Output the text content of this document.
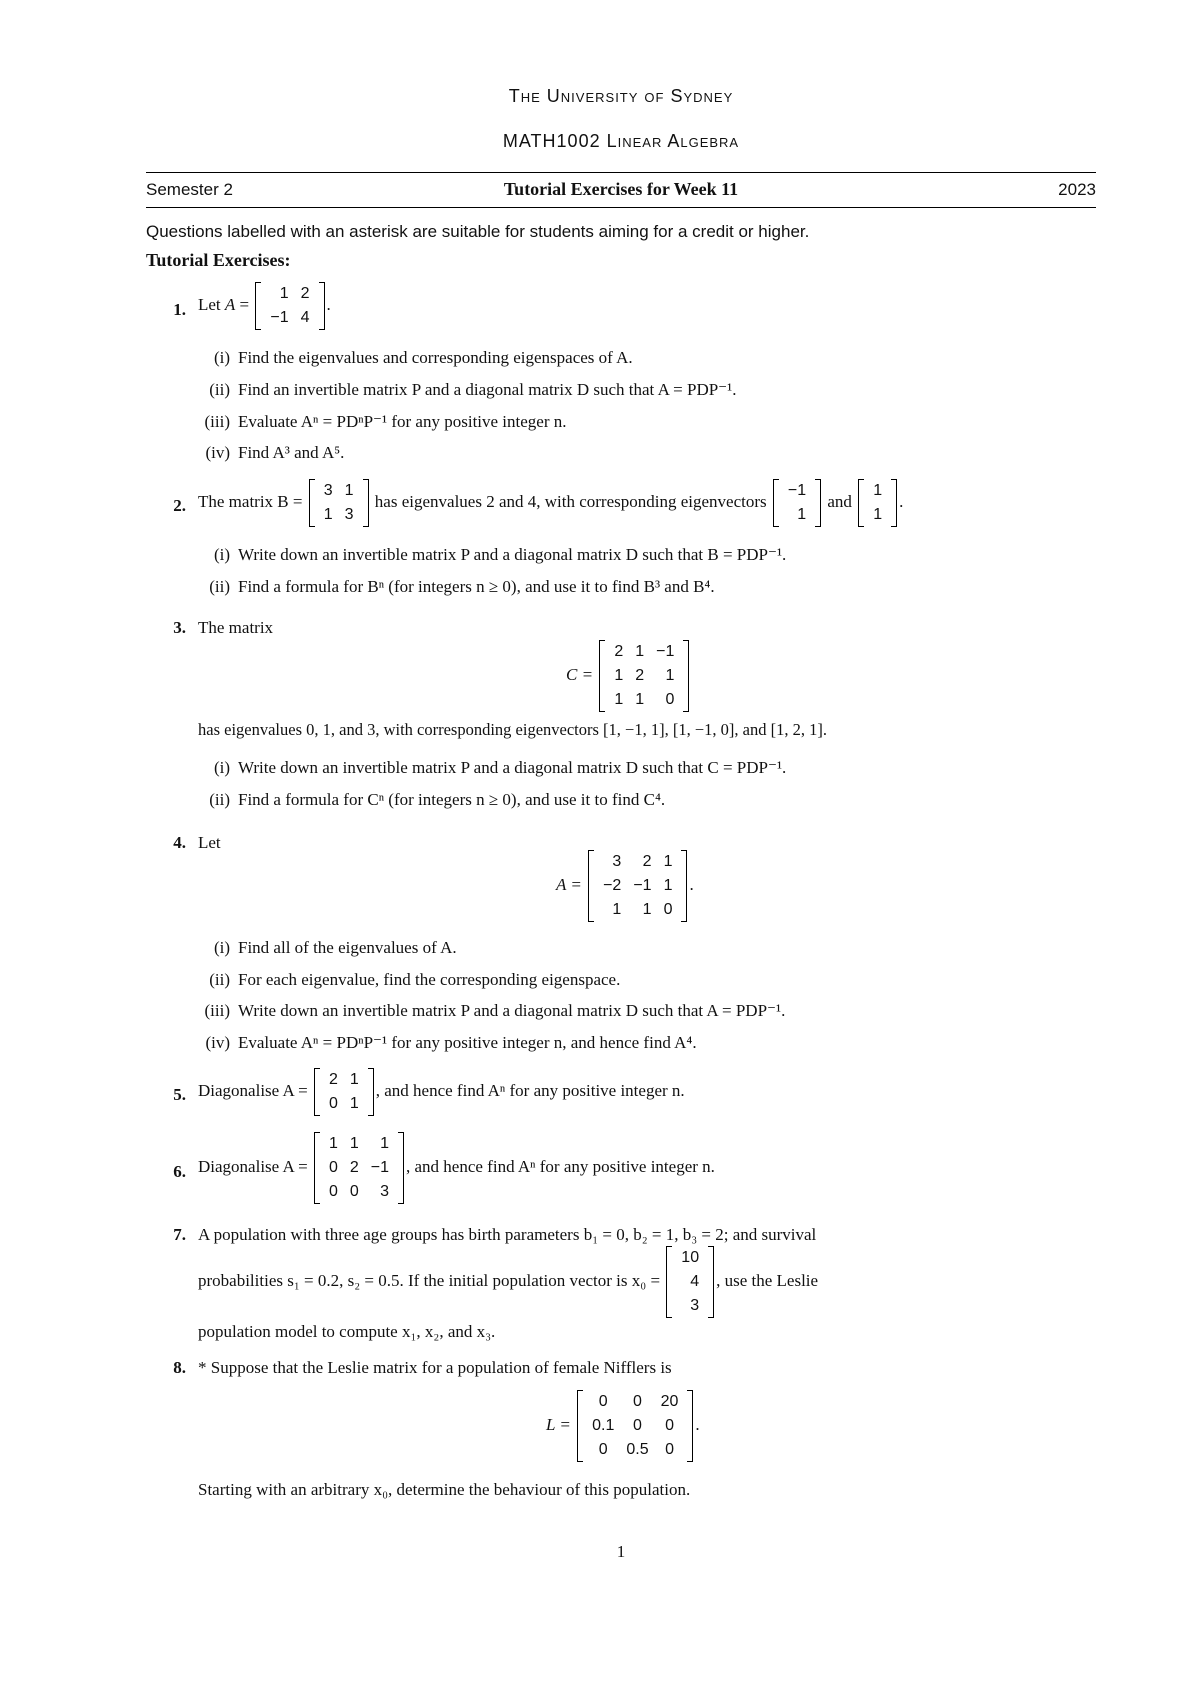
The University of Sydney
MATH1002 Linear Algebra
Semester 2	Tutorial Exercises for Week 11	2023
Questions labelled with an asterisk are suitable for students aiming for a credit or higher.
Tutorial Exercises:
1. Let A =
1	2
−1	4
.
(i) Find the eigenvalues and corresponding eigenspaces of A.
(ii) Find an invertible matrix P and a diagonal matrix D such that A = PDP⁻¹.
(iii) Evaluate Aⁿ = PDⁿP⁻¹ for any positive integer n.
(iv) Find A³ and A⁵.
2. The matrix B =
3	1
1	3
has eigenvalues 2 and 4, with corresponding eigenvectors
−1
1
and
1
1
.
(i) Write down an invertible matrix P and a diagonal matrix D such that B = PDP⁻¹.
(ii) Find a formula for Bⁿ (for integers n ≥ 0), and use it to find B³ and B⁴.
3. The matrix
C =
2	1	−1
1	2	1
1	1	0
has eigenvalues 0, 1, and 3, with corresponding eigenvectors [1, −1, 1], [1, −1, 0], and [1, 2, 1].
(i) Write down an invertible matrix P and a diagonal matrix D such that C = PDP⁻¹.
(ii) Find a formula for Cⁿ (for integers n ≥ 0), and use it to find C⁴.
4. Let
A =
3	2	1
−2	−1	1
1	1	0
.
(i) Find all of the eigenvalues of A.
(ii) For each eigenvalue, find the corresponding eigenspace.
(iii) Write down an invertible matrix P and a diagonal matrix D such that A = PDP⁻¹.
(iv) Evaluate Aⁿ = PDⁿP⁻¹ for any positive integer n, and hence find A⁴.
5. Diagonalise A =
2	1
0	1
, and hence find Aⁿ for any positive integer n.
6. Diagonalise A =
1	1	1
0	2	−1
0	0	3
, and hence find Aⁿ for any positive integer n.
7. A population with three age groups has birth parameters b₁ = 0, b₂ = 1, b₃ = 2; and survival
probabilities s₁ = 0.2, s₂ = 0.5. If the initial population vector is x₀ =
10
4
3
, use the Leslie
population model to compute x₁, x₂, and x₃.
8. * Suppose that the Leslie matrix for a population of female Nifflers is
L =
0	0	20
0.1	0	0
0	0.5	0
.
Starting with an arbitrary x₀, determine the behaviour of this population.
1
